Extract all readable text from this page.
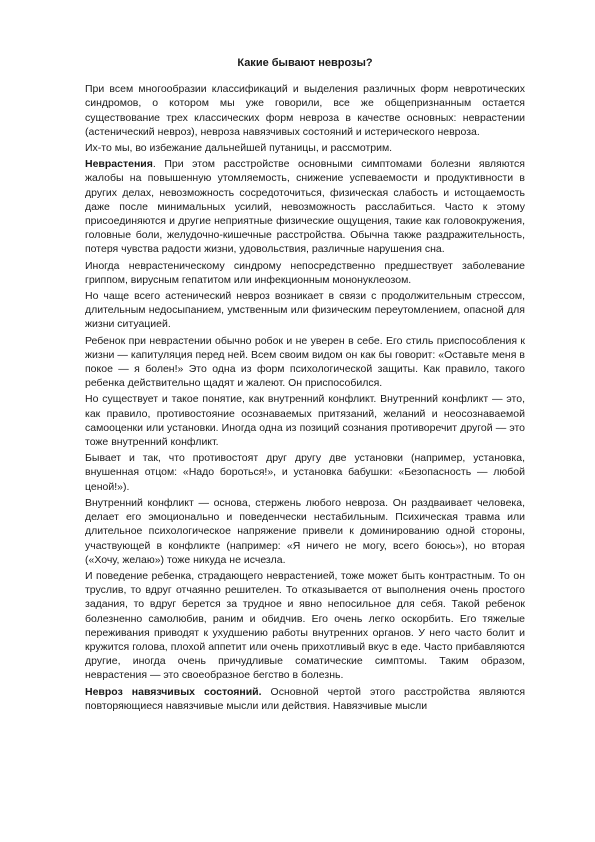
Какие бывают неврозы?

При всем многообразии классификаций и выделения различных форм невротических синдромов, о котором мы уже говорили, все же общепризнанным остается существование трех классических форм невроза в качестве основных: неврастении (астенический невроз), невроза навязчивых состояний и истерического невроза.

Их-то мы, во избежание дальнейшей путаницы, и рассмотрим.

Неврастения. При этом расстройстве основными симптомами болезни являются жалобы на повышенную утомляемость, снижение успеваемости и продуктивности в других делах, невозможность сосредоточиться, физическая слабость и истощаемость даже после минимальных усилий, невозможность расслабиться. Часто к этому присоединяются и другие неприятные физические ощущения, такие как головокружения, головные боли, желудочно-кишечные расстройства. Обычна также раздражительность, потеря чувства радости жизни, удовольствия, различные нарушения сна.

Иногда неврастеническому синдрому непосредственно предшествует заболевание гриппом, вирусным гепатитом или инфекционным мононуклеозом.

Но чаще всего астенический невроз возникает в связи с продолжительным стрессом, длительным недосыпанием, умственным или физическим переутомлением, опасной для жизни ситуацией.

Ребенок при неврастении обычно робок и не уверен в себе. Его стиль приспособления к жизни — капитуляция перед ней. Всем своим видом он как бы говорит: «Оставьте меня в покое — я болен!» Это одна из форм психологической защиты. Как правило, такого ребенка действительно щадят и жалеют. Он приспособился.

Но существует и такое понятие, как внутренний конфликт. Внутренний конфликт — это, как правило, противостояние осознаваемых притязаний, желаний и неосознаваемой самооценки или установки. Иногда одна из позиций сознания противоречит другой — это тоже внутренний конфликт.

Бывает и так, что противостоят друг другу две установки (например, установка, внушенная отцом: «Надо бороться!», и установка бабушки: «Безопасность — любой ценой!»).

Внутренний конфликт — основа, стержень любого невроза. Он раздваивает человека, делает его эмоционально и поведенчески нестабильным. Психическая травма или длительное психологическое напряжение привели к доминированию одной стороны, участвующей в конфликте (например: «Я ничего не могу, всего боюсь»), но вторая («Хочу, желаю») тоже никуда не исчезла.

И поведение ребенка, страдающего неврастенией, тоже может быть контрастным. То он труслив, то вдруг отчаянно решителен. То отказывается от выполнения очень простого задания, то вдруг берется за трудное и явно непосильное для себя. Такой ребенок болезненно самолюбив, раним и обидчив. Его очень легко оскорбить. Его тяжелые переживания приводят к ухудшению работы внутренних органов. У него часто болит и кружится голова, плохой аппетит или очень прихотливый вкус в еде. Часто прибавляются другие, иногда очень причудливые соматические симптомы. Таким образом, неврастения — это своеобразное бегство в болезнь.

Невроз навязчивых состояний. Основной чертой этого расстройства являются повторяющиеся навязчивые мысли или действия. Навязчивые мысли
